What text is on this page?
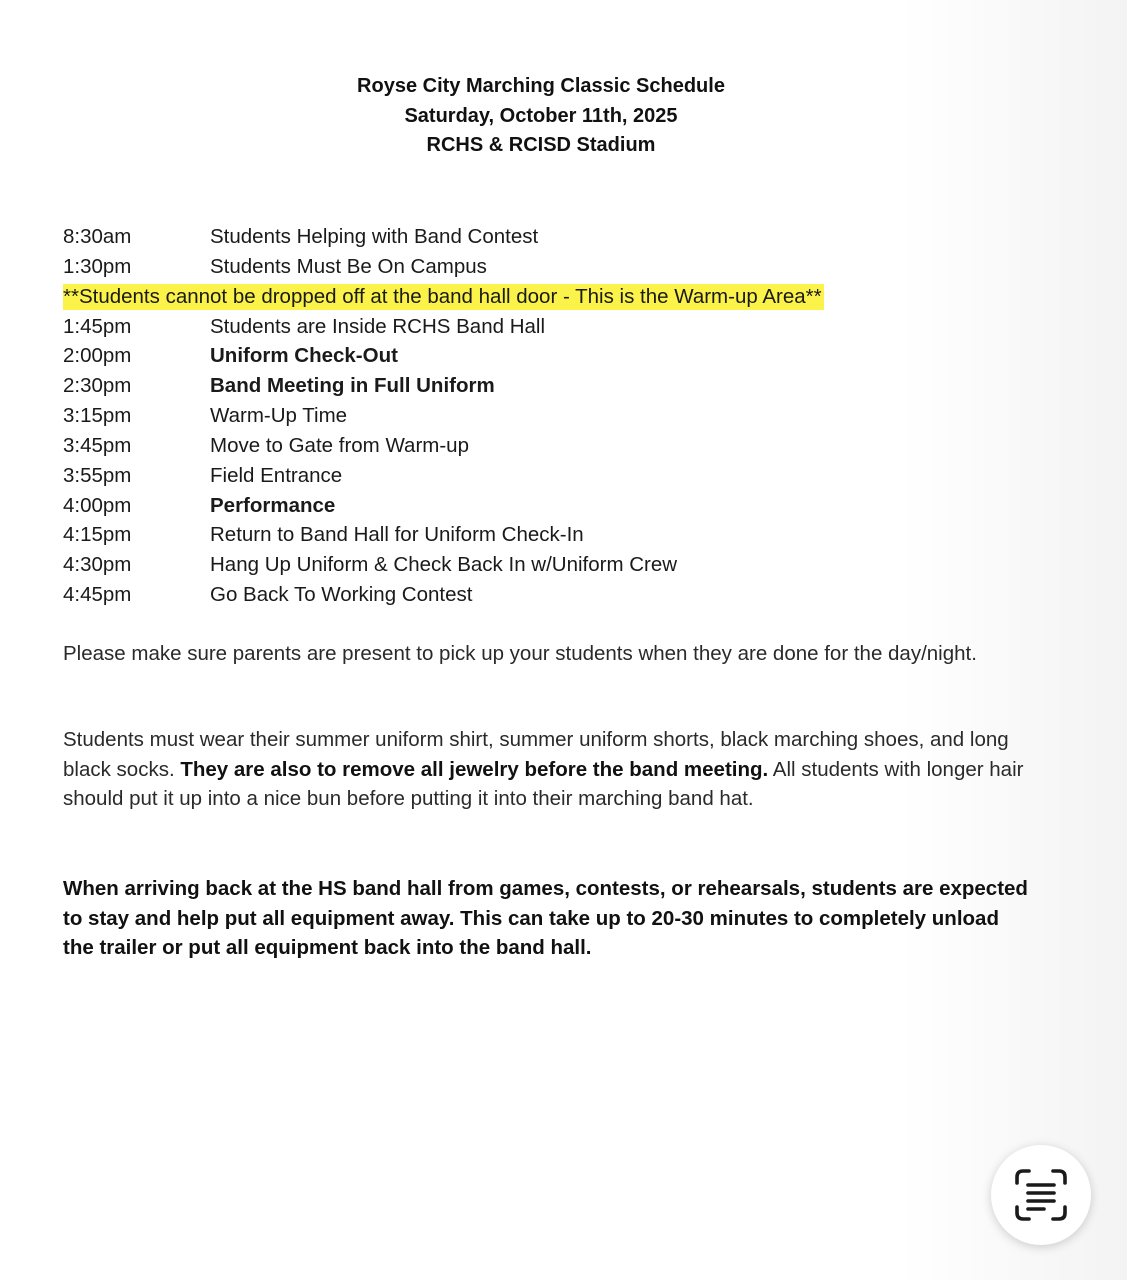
Royse City Marching Classic Schedule
Saturday, October 11th, 2025
RCHS & RCISD Stadium
8:30am	Students Helping with Band Contest
1:30pm	Students Must Be On Campus
**Students cannot be dropped off at the band hall door - This is the Warm-up Area**
1:45pm	Students are Inside RCHS Band Hall
2:00pm	Uniform Check-Out
2:30pm	Band Meeting in Full Uniform
3:15pm	Warm-Up Time
3:45pm	Move to Gate from Warm-up
3:55pm	Field Entrance
4:00pm	Performance
4:15pm	Return to Band Hall for Uniform Check-In
4:30pm	Hang Up Uniform & Check Back In w/Uniform Crew
4:45pm	Go Back To Working Contest

Please make sure parents are present to pick up your students when they are done for the day/night.

Students must wear their summer uniform shirt, summer uniform shorts, black marching shoes, and long black socks. They are also to remove all jewelry before the band meeting. All students with longer hair should put it up into a nice bun before putting it into their marching band hat.

When arriving back at the HS band hall from games, contests, or rehearsals, students are expected to stay and help put all equipment away. This can take up to 20-30 minutes to completely unload the trailer or put all equipment back into the band hall.
